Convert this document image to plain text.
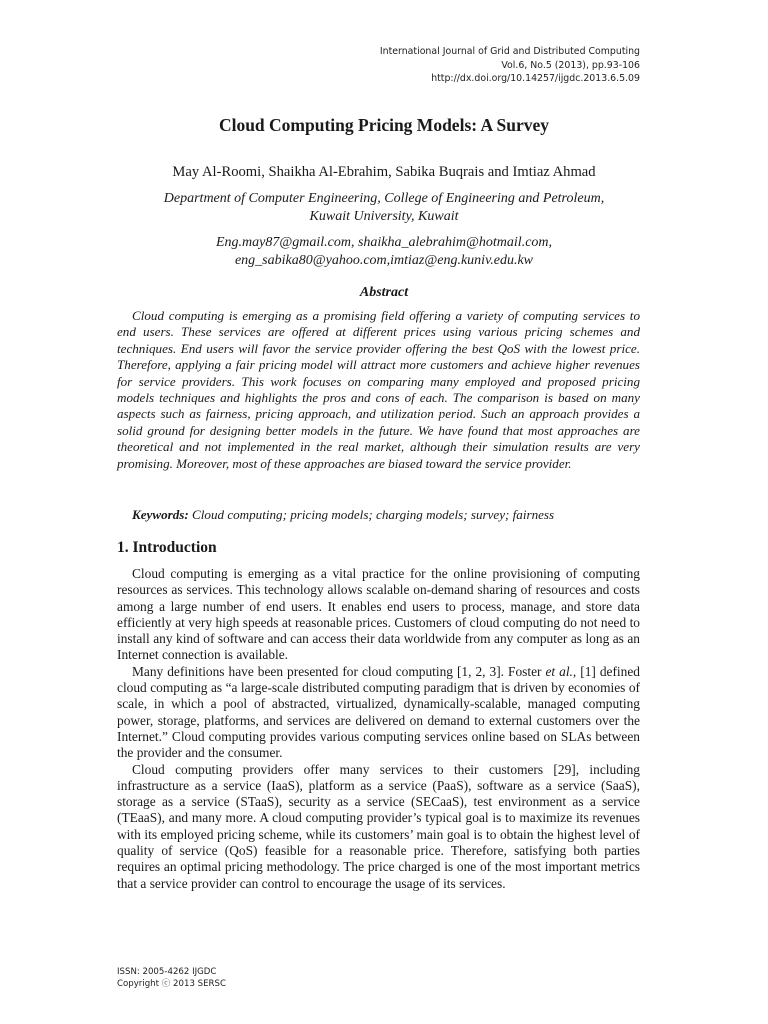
International Journal of Grid and Distributed Computing
Vol.6, No.5 (2013), pp.93-106
http://dx.doi.org/10.14257/ijgdc.2013.6.5.09
Cloud Computing Pricing Models: A Survey
May Al-Roomi, Shaikha Al-Ebrahim, Sabika Buqrais and Imtiaz Ahmad
Department of Computer Engineering, College of Engineering and Petroleum,
Kuwait University, Kuwait
Eng.may87@gmail.com, shaikha_alebrahim@hotmail.com,
eng_sabika80@yahoo.com,imtiaz@eng.kuniv.edu.kw
Abstract

Cloud computing is emerging as a promising field offering a variety of computing services to end users. These services are offered at different prices using various pricing schemes and techniques. End users will favor the service provider offering the best QoS with the lowest price. Therefore, applying a fair pricing model will attract more customers and achieve higher revenues for service providers. This work focuses on comparing many employed and proposed pricing models techniques and highlights the pros and cons of each. The comparison is based on many aspects such as fairness, pricing approach, and utilization period. Such an approach provides a solid ground for designing better models in the future. We have found that most approaches are theoretical and not implemented in the real market, although their simulation results are very promising. Moreover, most of these approaches are biased toward the service provider.

Keywords: Cloud computing; pricing models; charging models; survey; fairness
1. Introduction

Cloud computing is emerging as a vital practice for the online provisioning of computing resources as services. This technology allows scalable on-demand sharing of resources and costs among a large number of end users. It enables end users to process, manage, and store data efficiently at very high speeds at reasonable prices. Customers of cloud computing do not need to install any kind of software and can access their data worldwide from any computer as long as an Internet connection is available.

Many definitions have been presented for cloud computing [1, 2, 3]. Foster et al., [1] defined cloud computing as “a large-scale distributed computing paradigm that is driven by economies of scale, in which a pool of abstracted, virtualized, dynamically-scalable, managed computing power, storage, platforms, and services are delivered on demand to external customers over the Internet.” Cloud computing provides various computing services online based on SLAs between the provider and the consumer.

Cloud computing providers offer many services to their customers [29], including infrastructure as a service (IaaS), platform as a service (PaaS), software as a service (SaaS), storage as a service (STaaS), security as a service (SECaaS), test environment as a service (TEaaS), and many more. A cloud computing provider’s typical goal is to maximize its revenues with its employed pricing scheme, while its customers’ main goal is to obtain the highest level of quality of service (QoS) feasible for a reasonable price. Therefore, satisfying both parties requires an optimal pricing methodology. The price charged is one of the most important metrics that a service provider can control to encourage the usage of its services.

ISSN: 2005-4262 IJGDC
Copyright ⓒ 2013 SERSC
